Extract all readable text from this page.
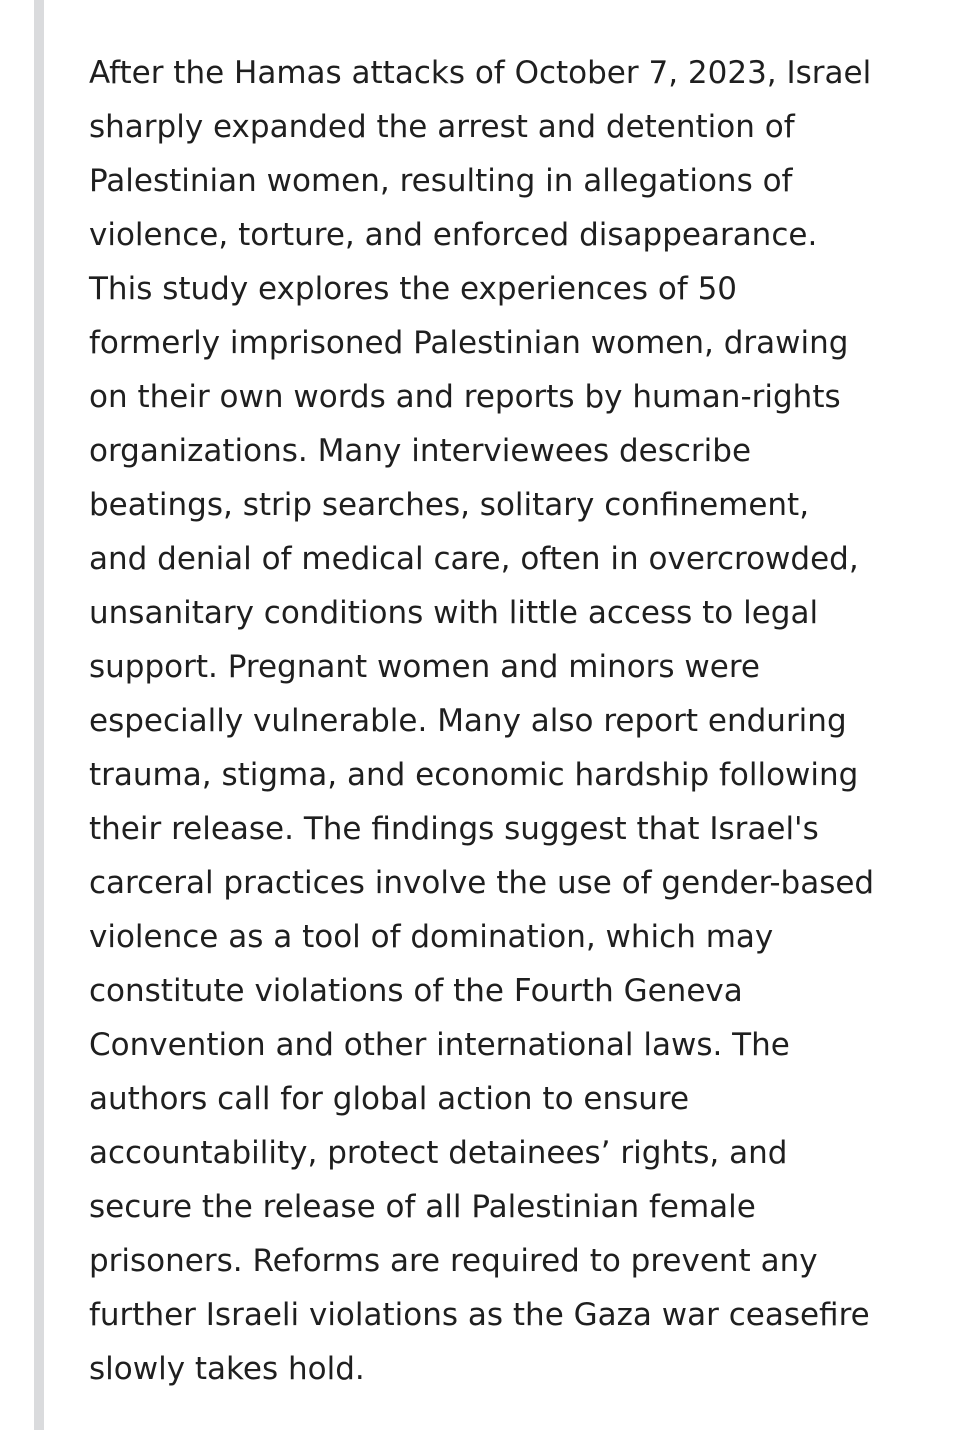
After the Hamas attacks of October 7, 2023, Israel
sharply expanded the arrest and detention of
Palestinian women, resulting in allegations of
violence, torture, and enforced disappearance.
This study explores the experiences of 50
formerly imprisoned Palestinian women, drawing
on their own words and reports by human-rights
organizations. Many interviewees describe
beatings, strip searches, solitary confinement,
and denial of medical care, often in overcrowded,
unsanitary conditions with little access to legal
support. Pregnant women and minors were
especially vulnerable. Many also report enduring
trauma, stigma, and economic hardship following
their release. The findings suggest that Israel's
carceral practices involve the use of gender-based
violence as a tool of domination, which may
constitute violations of the Fourth Geneva
Convention and other international laws. The
authors call for global action to ensure
accountability, protect detainees’ rights, and
secure the release of all Palestinian female
prisoners. Reforms are required to prevent any
further Israeli violations as the Gaza war ceasefire
slowly takes hold.
